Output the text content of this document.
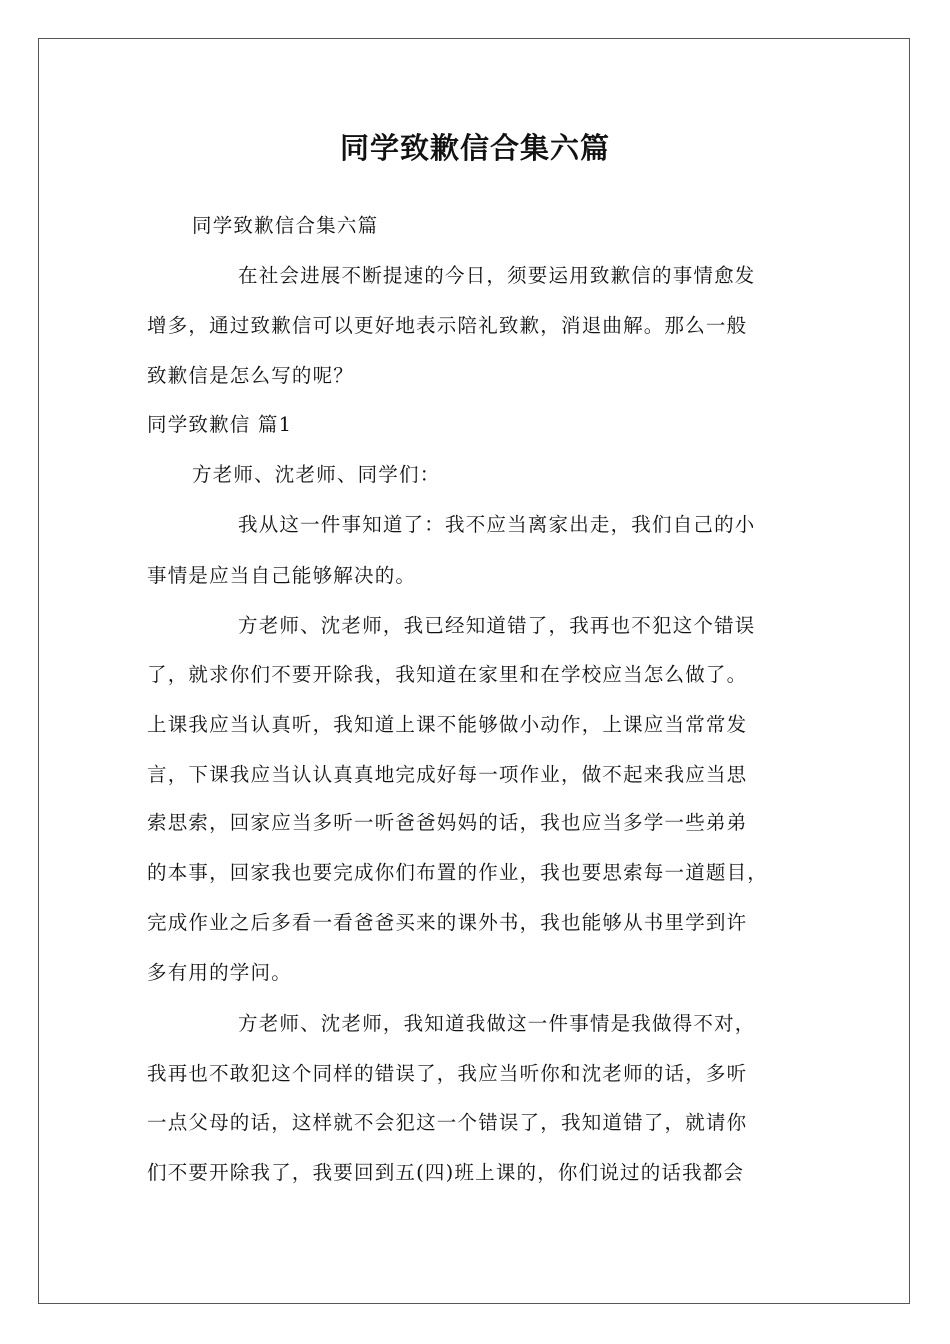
同学致歉信合集六篇
同学致歉信合集六篇
在社会进展不断提速的今日，须要运用致歉信的事情愈发
增多，通过致歉信可以更好地表示陪礼致歉，消退曲解。那么一般
致歉信是怎么写的呢？
同学致歉信 篇1
方老师、沈老师、同学们：
我从这一件事知道了：我不应当离家出走，我们自己的小
事情是应当自己能够解决的。
方老师、沈老师，我已经知道错了，我再也不犯这个错误
了，就求你们不要开除我，我知道在家里和在学校应当怎么做了。
上课我应当认真听，我知道上课不能够做小动作，上课应当常常发
言，下课我应当认认真真地完成好每一项作业，做不起来我应当思
索思索，回家应当多听一听爸爸妈妈的话，我也应当多学一些弟弟
的本事，回家我也要完成你们布置的作业，我也要思索每一道题目，
完成作业之后多看一看爸爸买来的课外书，我也能够从书里学到许
多有用的学问。
方老师、沈老师，我知道我做这一件事情是我做得不对，
我再也不敢犯这个同样的错误了，我应当听你和沈老师的话，多听
一点父母的话，这样就不会犯这一个错误了，我知道错了，就请你
们不要开除我了，我要回到五(四)班上课的，你们说过的话我都会
